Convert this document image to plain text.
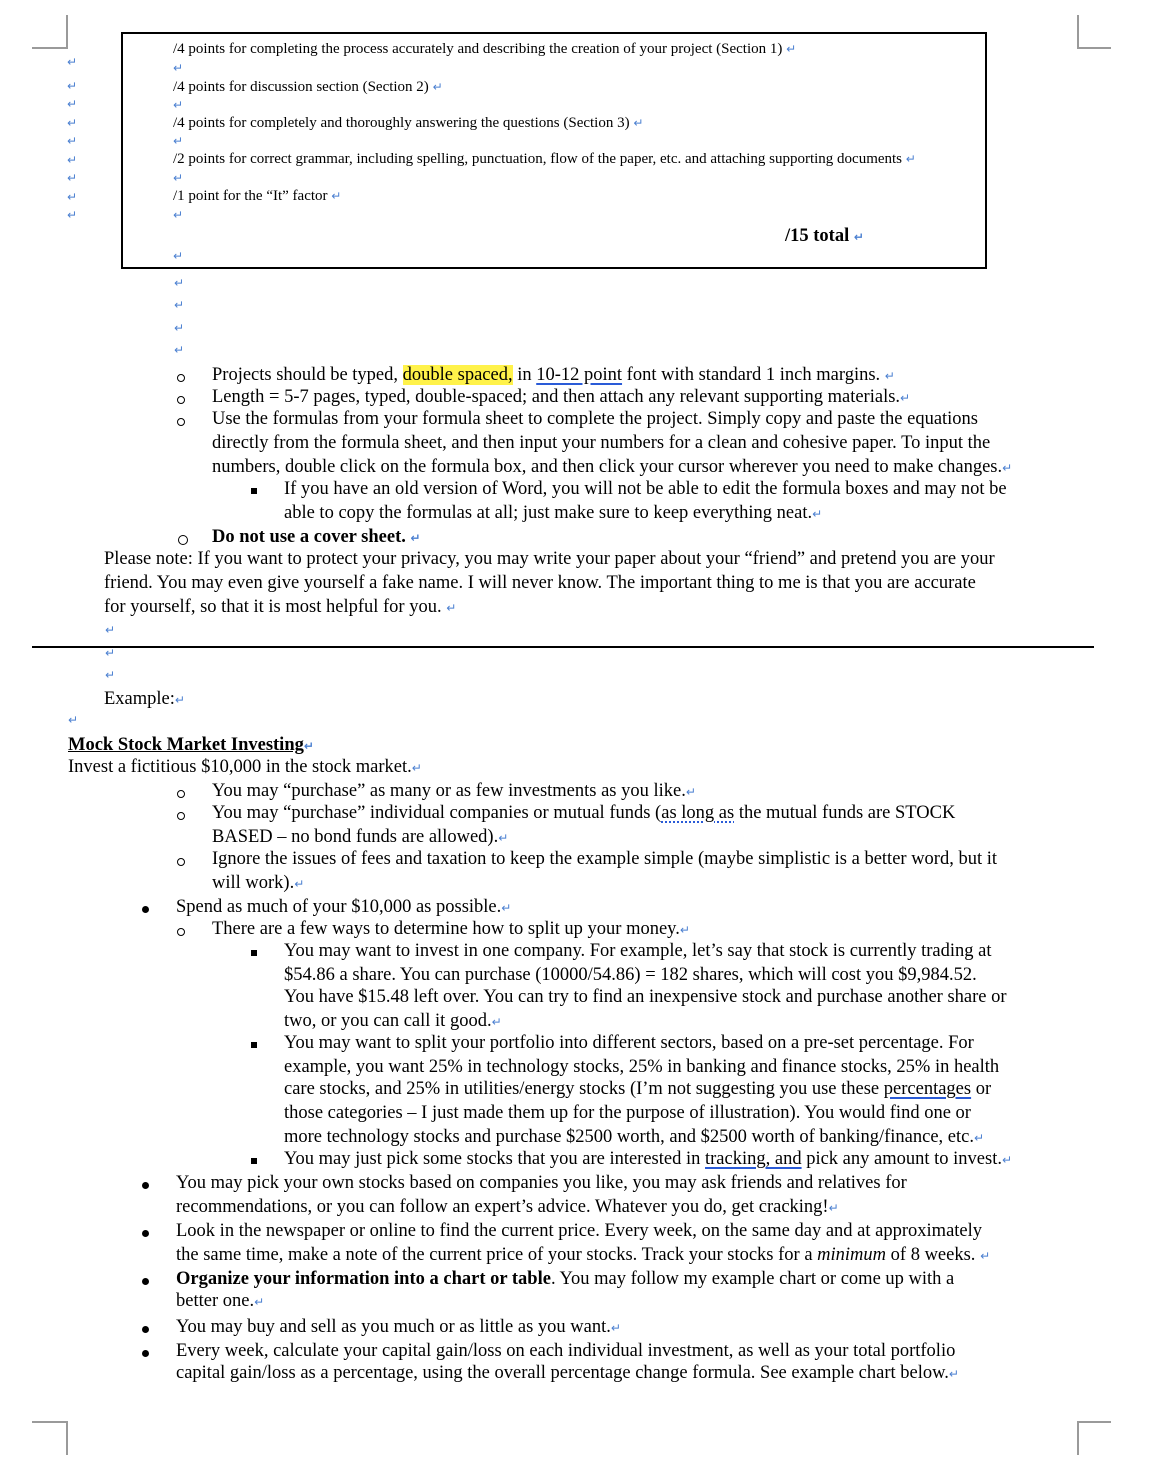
↵
↵
↵
↵
↵
↵
↵
↵
↵
/4 points for completing the process accurately and describing the creation of your project (Section 1) ↵
↵
/4 points for discussion section (Section 2) ↵
↵
/4 points for completely and thoroughly answering the questions (Section 3) ↵
↵
/2 points for correct grammar, including spelling, punctuation, flow of the paper, etc. and attaching supporting documents ↵
↵
/1 point for the “It” factor ↵
↵
/15 total ↵
↵
↵
↵
↵
↵
Projects should be typed, double spaced, in 10-12 point font with standard 1 inch margins. ↵
Length = 5-7 pages, typed, double-spaced; and then attach any relevant supporting materials.↵
Use the formulas from your formula sheet to complete the project. Simply copy and paste the equations
directly from the formula sheet, and then input your numbers for a clean and cohesive paper. To input the
numbers, double click on the formula box, and then click your cursor wherever you need to make changes.↵
If you have an old version of Word, you will not be able to edit the formula boxes and may not be
able to copy the formulas at all; just make sure to keep everything neat.↵
Do not use a cover sheet. ↵
Please note: If you want to protect your privacy, you may write your paper about your “friend” and pretend you are your
friend. You may even give yourself a fake name. I will never know. The important thing to me is that you are accurate
for yourself, so that it is most helpful for you. ↵
↵
↵
↵
Example:↵
↵
Mock Stock Market Investing↵
Invest a fictitious $10,000 in the stock market.↵
You may “purchase” as many or as few investments as you like.↵
You may “purchase” individual companies or mutual funds (as long as the mutual funds are STOCK
BASED – no bond funds are allowed).↵
Ignore the issues of fees and taxation to keep the example simple (maybe simplistic is a better word, but it
will work).↵
Spend as much of your $10,000 as possible.↵
There are a few ways to determine how to split up your money.↵
You may want to invest in one company. For example, let’s say that stock is currently trading at
$54.86 a share. You can purchase (10000/54.86) = 182 shares, which will cost you $9,984.52.
You have $15.48 left over. You can try to find an inexpensive stock and purchase another share or
two, or you can call it good.↵
You may want to split your portfolio into different sectors, based on a pre-set percentage. For
example, you want 25% in technology stocks, 25% in banking and finance stocks, 25% in health
care stocks, and 25% in utilities/energy stocks (I’m not suggesting you use these percentages or
those categories – I just made them up for the purpose of illustration). You would find one or
more technology stocks and purchase $2500 worth, and $2500 worth of banking/finance, etc.↵
You may just pick some stocks that you are interested in tracking, and pick any amount to invest.↵
You may pick your own stocks based on companies you like, you may ask friends and relatives for
recommendations, or you can follow an expert’s advice. Whatever you do, get cracking!↵
Look in the newspaper or online to find the current price. Every week, on the same day and at approximately
the same time, make a note of the current price of your stocks. Track your stocks for a minimum of 8 weeks. ↵
Organize your information into a chart or table. You may follow my example chart or come up with a
better one.↵
You may buy and sell as you much or as little as you want.↵
Every week, calculate your capital gain/loss on each individual investment, as well as your total portfolio
capital gain/loss as a percentage, using the overall percentage change formula. See example chart below.↵
